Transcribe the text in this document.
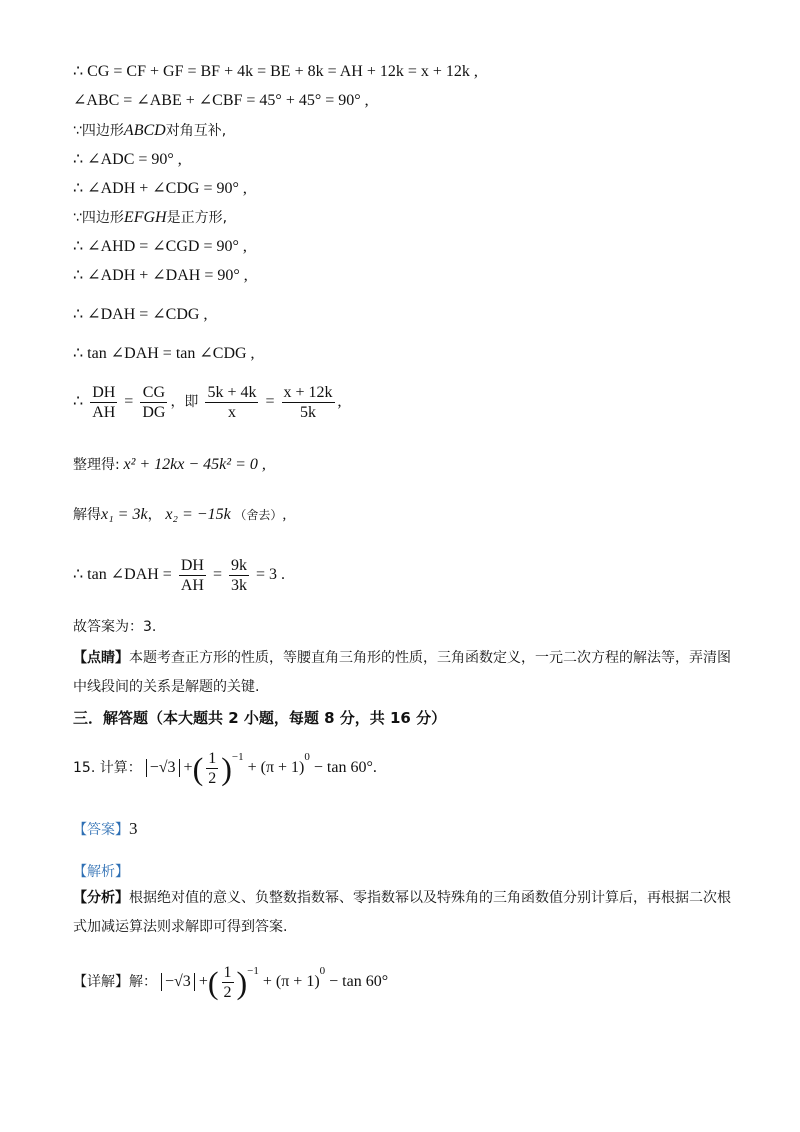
∴ CG = CF + GF = BF + 4k = BE + 8k = AH + 12k = x + 12k ,
∠ABC = ∠ABE + ∠CBF = 45° + 45° = 90° ,
∵四边形ABCD对角互补,
∴ ∠ADC = 90° ,
∴ ∠ADH + ∠CDG = 90° ,
∵四边形EFGH是正方形,
∴ ∠AHD = ∠CGD = 90° ,
∴ ∠ADH + ∠DAH = 90° ,
∴ ∠DAH = ∠CDG ,
∴ tan ∠DAH = tan ∠CDG ,
∴ $\frac{DH}{AH} = \frac{CG}{DG}$ ，即 $\frac{5k + 4k}{x} = \frac{x + 12k}{5k}$ ,
整理得: x² + 12kx − 45k² = 0 ,
解得x₁ = 3k， x₂ = −15k （舍去）,
∴ tan ∠DAH = $\frac{DH}{AH} = \frac{9k}{3k} = 3$ .
故答案为：3.
【点睛】本题考查正方形的性质，等腰直角三角形的性质，三角函数定义，一元二次方程的解法等，弄清图中线段间的关系是解题的关键.
三．解答题（本大题共 2 小题，每题 8 分，共 16 分）
15. 计算： −√3 +( $\frac{1}{2} )^{-1} + (\pi + 1)^0 - \tan 60^\circ$.
【答案】3
【解析】
【分析】根据绝对值的意义、负整数指数幂、零指数幂以及特殊角的三角函数值分别计算后，再根据二次根式加减运算法则求解即可得到答案.
【详解】解： −√3 +( $\frac{1}{2} )^{-1} + (\pi + 1)^0 - \tan 60^\circ$
